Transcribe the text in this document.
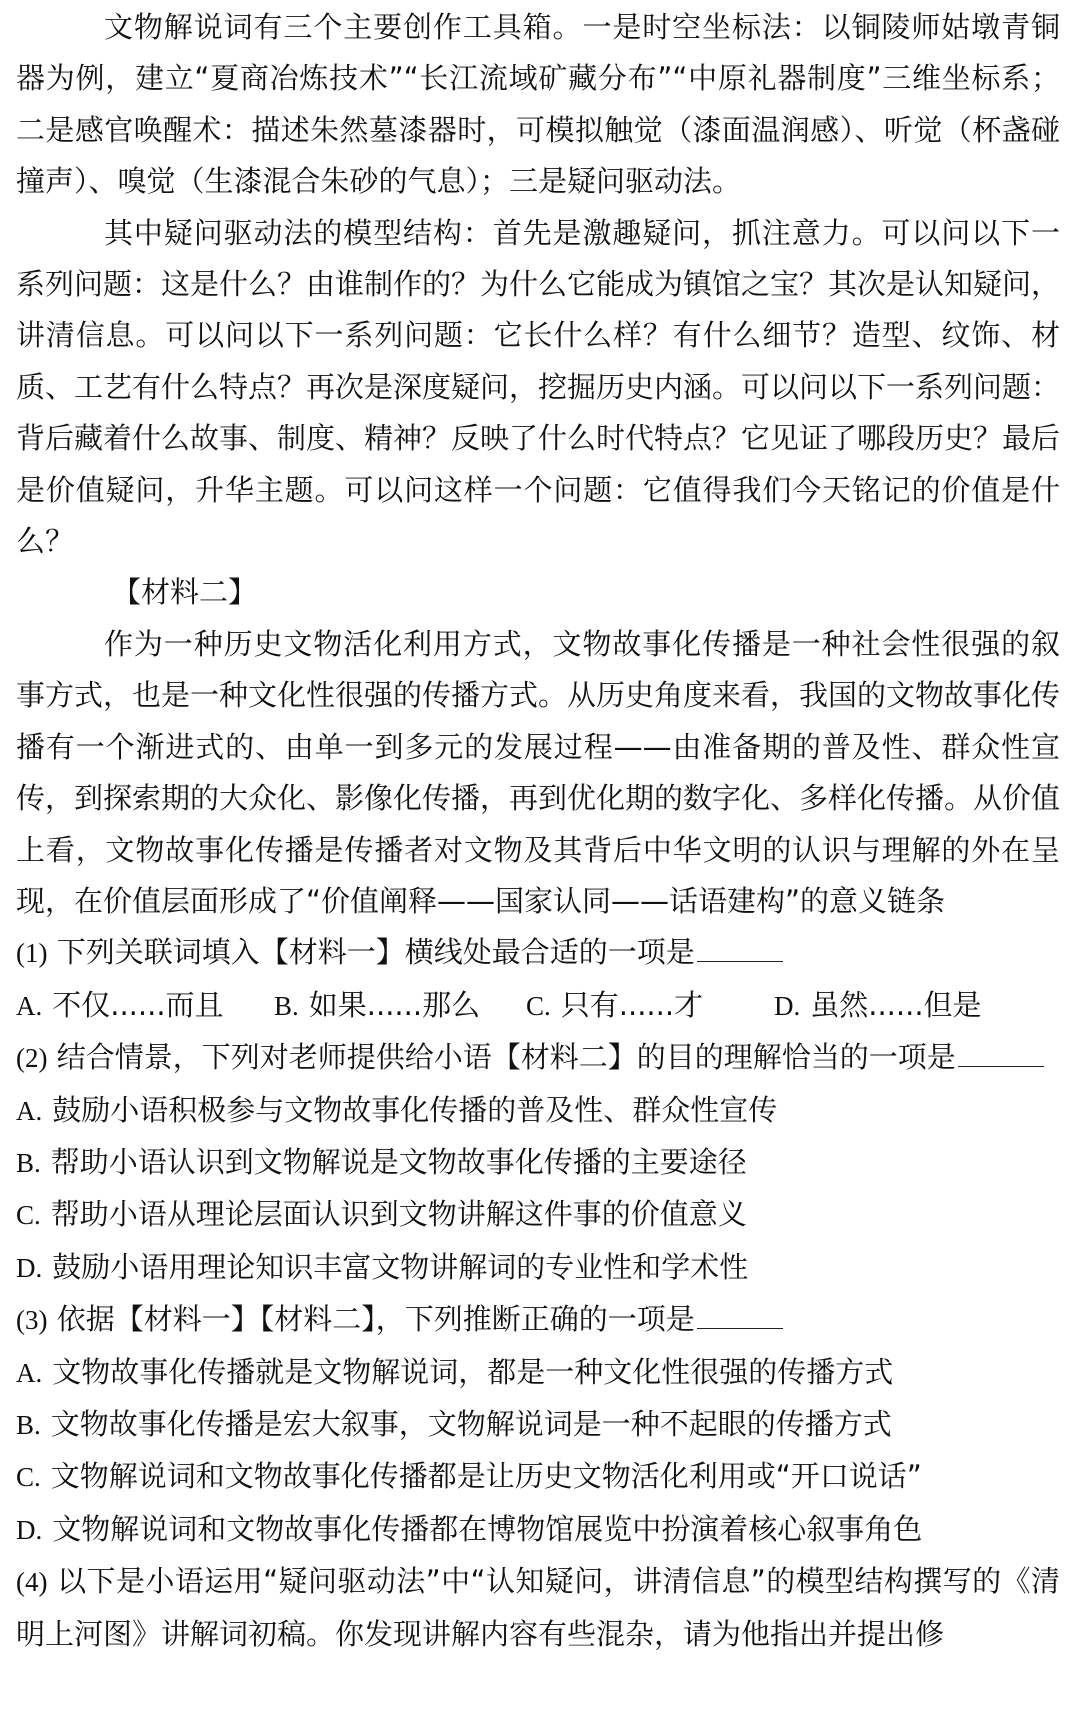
文物解说词有三个主要创作工具箱。一是时空坐标法：以铜陵师姑墩青铜器为例，建立“夏商冶炼技术”“长江流域矿藏分布”“中原礼器制度”三维坐标系；二是感官唤醒术：描述朱然墓漆器时，可模拟触觉（漆面温润感）、听觉（杯盏碰撞声）、嗅觉（生漆混合朱砂的气息）；三是疑问驱动法。

其中疑问驱动法的模型结构：首先是激趣疑问，抓注意力。可以问以下一系列问题：这是什么？由谁制作的？为什么它能成为镇馆之宝？其次是认知疑问，讲清信息。可以问以下一系列问题：它长什么样？有什么细节？造型、纹饰、材质、工艺有什么特点？再次是深度疑问，挖掘历史内涵。可以问以下一系列问题：背后藏着什么故事、制度、精神？反映了什么时代特点？它见证了哪段历史？最后是价值疑问，升华主题。可以问这样一个问题：它值得我们今天铭记的价值是什么？

【材料二】

作为一种历史文物活化利用方式，文物故事化传播是一种社会性很强的叙事方式，也是一种文化性很强的传播方式。从历史角度来看，我国的文物故事化传播有一个渐进式的、由单一到多元的发展过程——由准备期的普及性、群众性宣传，到探索期的大众化、影像化传播，再到优化期的数字化、多样化传播。从价值上看，文物故事化传播是传播者对文物及其背后中华文明的认识与理解的外在呈现，在价值层面形成了“价值阐释——国家认同——话语建构”的意义链条

(1) 下列关联词填入【材料一】横线处最合适的一项是

A. 不仅......而且	B. 如果......那么	C. 只有......才	D. 虽然......但是

(2) 结合情景，下列对老师提供给小语【材料二】的目的理解恰当的一项是

A. 鼓励小语积极参与文物故事化传播的普及性、群众性宣传

B. 帮助小语认识到文物解说是文物故事化传播的主要途径

C. 帮助小语从理论层面认识到文物讲解这件事的价值意义

D. 鼓励小语用理论知识丰富文物讲解词的专业性和学术性

(3) 依据【材料一】【材料二】，下列推断正确的一项是

A. 文物故事化传播就是文物解说词，都是一种文化性很强的传播方式

B. 文物故事化传播是宏大叙事，文物解说词是一种不起眼的传播方式

C. 文物解说词和文物故事化传播都是让历史文物活化利用或“开口说话”

D. 文物解说词和文物故事化传播都在博物馆展览中扮演着核心叙事角色

(4) 以下是小语运用“疑问驱动法”中“认知疑问，讲清信息”的模型结构撰写的《清明上河图》讲解词初稿。你发现讲解内容有些混杂，请为他指出并提出修
